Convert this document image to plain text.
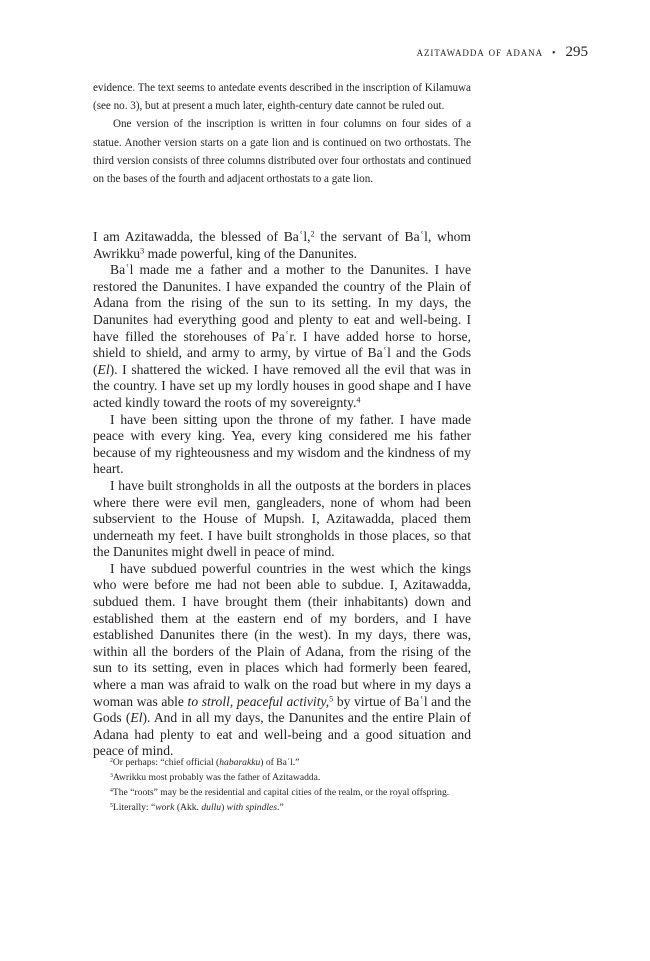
azitawadda of adana • 295

evidence. The text seems to antedate events described in the inscription of Kilamuwa (see no. 3), but at present a much later, eighth-century date cannot be ruled out.

One version of the inscription is written in four columns on four sides of a statue. Another version starts on a gate lion and is continued on two orthostats. The third version consists of three columns distributed over four orthostats and continued on the bases of the fourth and adjacent orthostats to a gate lion.

I am Azitawadda, the blessed of Baʿl,$^2$ the servant of Baʿl, whom Awrikku$^3$ made powerful, king of the Danunites.

Baʿl made me a father and a mother to the Danunites. I have restored the Danunites. I have expanded the country of the Plain of Adana from the rising of the sun to its setting. In my days, the Danunites had everything good and plenty to eat and well-being. I have filled the storehouses of Paʿr. I have added horse to horse, shield to shield, and army to army, by virtue of Baʿl and the Gods (El). I shattered the wicked. I have removed all the evil that was in the country. I have set up my lordly houses in good shape and I have acted kindly toward the roots of my sovereignty.$^4$

I have been sitting upon the throne of my father. I have made peace with every king. Yea, every king considered me his father because of my righteousness and my wisdom and the kindness of my heart.

I have built strongholds in all the outposts at the borders in places where there were evil men, gangleaders, none of whom had been subservient to the House of Mupsh. I, Azitawadda, placed them underneath my feet. I have built strongholds in those places, so that the Danunites might dwell in peace of mind.

I have subdued powerful countries in the west which the kings who were before me had not been able to subdue. I, Azitawadda, subdued them. I have brought them (their inhabitants) down and established them at the eastern end of my borders, and I have established Danunites there (in the west). In my days, there was, within all the borders of the Plain of Adana, from the rising of the sun to its setting, even in places which had formerly been feared, where a man was afraid to walk on the road but where in my days a woman was able to stroll, peaceful activity,$^5$ by virtue of Baʿl and the Gods (El). And in all my days, the Danunites and the entire Plain of Adana had plenty to eat and well-being and a good situation and peace of mind.

$^2$Or perhaps: “chief official (habarakku) of Baʿl.”

$^3$Awrikku most probably was the father of Azitawadda.

$^4$The “roots” may be the residential and capital cities of the realm, or the royal offspring.

$^5$Literally: “work (Akk. dullu) with spindles.”
